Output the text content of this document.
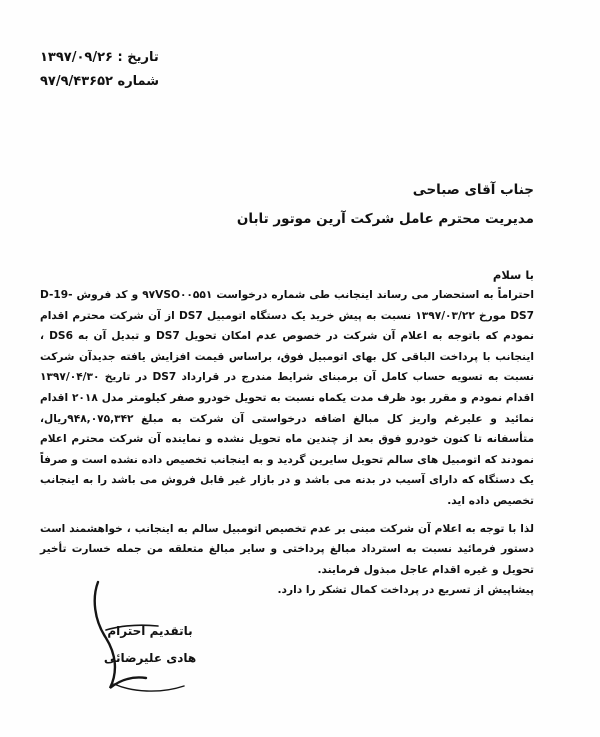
تاریخ : ۱۳۹۷/۰۹/۲۶
شماره ۹۷/۹/۴۳۶۵۲
جناب آقای صباحی
مدیریت محترم عامل شرکت آرین موتور تابان
با سلام

احتراماً به استحضار می رساند اینجانب طی شماره درخواست ۹۷VSO۰۰۵۵۱ و کد فروش D-19-DS7 مورخ ۱۳۹۷/۰۳/۲۲ نسبت به پیش خرید یک دستگاه اتومبیل DS7 از آن شرکت محترم اقدام نمودم که باتوجه به اعلام آن شرکت در خصوص عدم امکان تحویل DS7 و تبدیل آن به DS6 ، اینجانب با پرداخت الباقی کل بهای اتومبیل فوق، براساس قیمت افزایش یافته جدیدآن شرکت نسبت به تسویه حساب کامل آن برمبنای شرایط مندرج در قرارداد DS7 در تاریخ ۱۳۹۷/۰۴/۳۰ اقدام نمودم و مقرر بود ظرف مدت یکماه نسبت به تحویل خودرو صفر کیلومتر مدل ۲۰۱۸ اقدام نمائید و علیرغم واریز کل مبالغ اضافه درخواستی آن شرکت به مبلغ ۹۴۸,۰۷۵,۳۴۲ریال، متأسفانه تا کنون خودرو فوق بعد از چندین ماه تحویل نشده و نماینده آن شرکت محترم اعلام نمودند که اتومبیل های سالم تحویل سایرین گردید و به اینجانب تخصیص داده نشده است و صرفاً یک دستگاه که دارای آسیب در بدنه می باشد و در بازار غیر قابل فروش می باشد را به اینجانب تخصیص داده اید.

لذا با توجه به اعلام آن شرکت مبنی بر عدم تخصیص اتومبیل سالم به اینجانب ، خواهشمند است دستور فرمائید نسبت به استرداد مبالغ پرداختی و سایر مبالغ متعلقه من جمله خسارت تأخیر تحویل و غیره اقدام عاجل مبذول فرمایند.

پیشاپیش از تسریع در پرداخت کمال تشکر را دارد.

باتقدیم احترام
هادی علیرضائی
